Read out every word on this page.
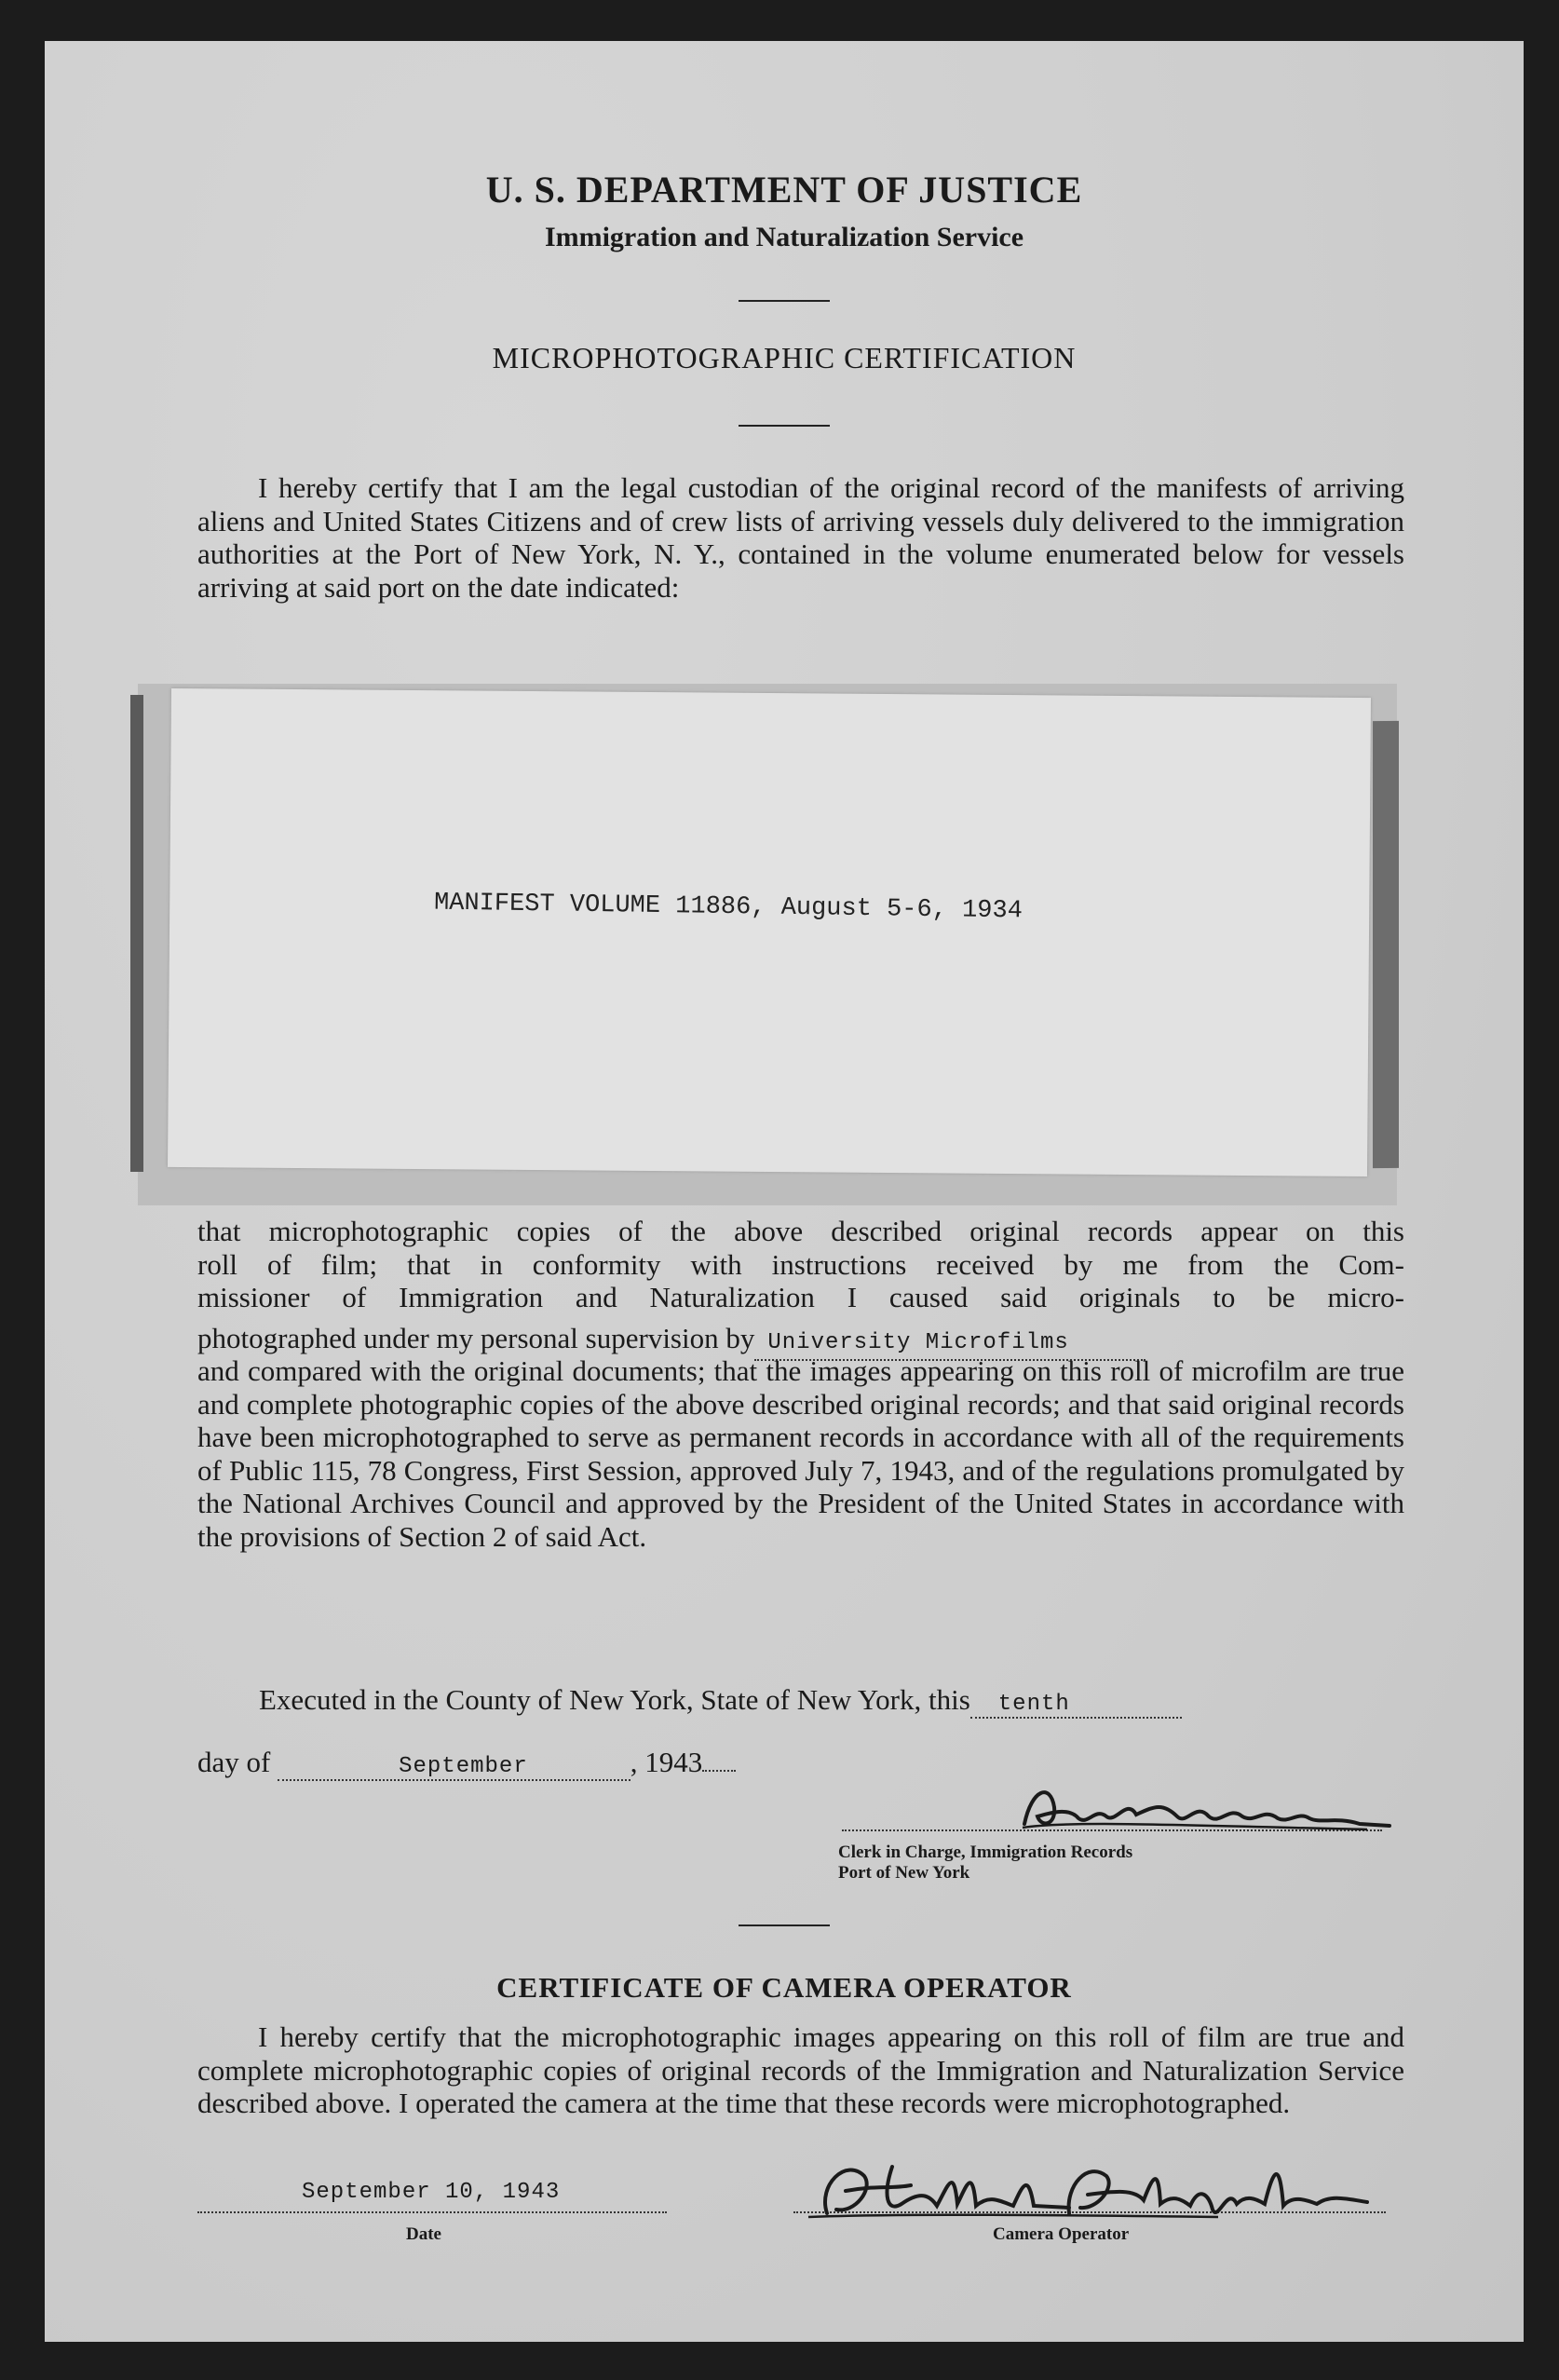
U. S. DEPARTMENT OF JUSTICE
Immigration and Naturalization Service
MICROPHOTOGRAPHIC CERTIFICATION
I hereby certify that I am the legal custodian of the original record of the manifests of arriving aliens and United States Citizens and of crew lists of arriving vessels duly delivered to the immigration authorities at the Port of New York, N. Y., contained in the volume enumerated below for vessels arriving at said port on the date indicated:
MANIFEST VOLUME 11886, August 5-6, 1934
that microphotographic copies of the above described original records appear on this
roll of film; that in conformity with instructions received by me from the Com-
missioner of Immigration and Naturalization I caused said originals to be micro-
photographed under my personal supervision by University Microfilms
and compared with the original documents; that the images appearing on this roll of microfilm are true and complete photographic copies of the above described original records; and that said original records have been microphotographed to serve as permanent records in accordance with all of the requirements of Public 115, 78 Congress, First Session, approved July 7, 1943, and of the regulations promulgated by the National Archives Council and approved by the President of the United States in accordance with the provisions of Section 2 of said Act.
Executed in the County of New York, State of New York, this tenth
day of	September	, 1943
Clerk in Charge, Immigration Records
Port of New York
CERTIFICATE OF CAMERA OPERATOR
I hereby certify that the microphotographic images appearing on this roll of film are true and complete microphotographic copies of original records of the Immigration and Naturalization Service described above. I operated the camera at the time that these records were microphotographed.
September 10, 1943
Date	Camera Operator
